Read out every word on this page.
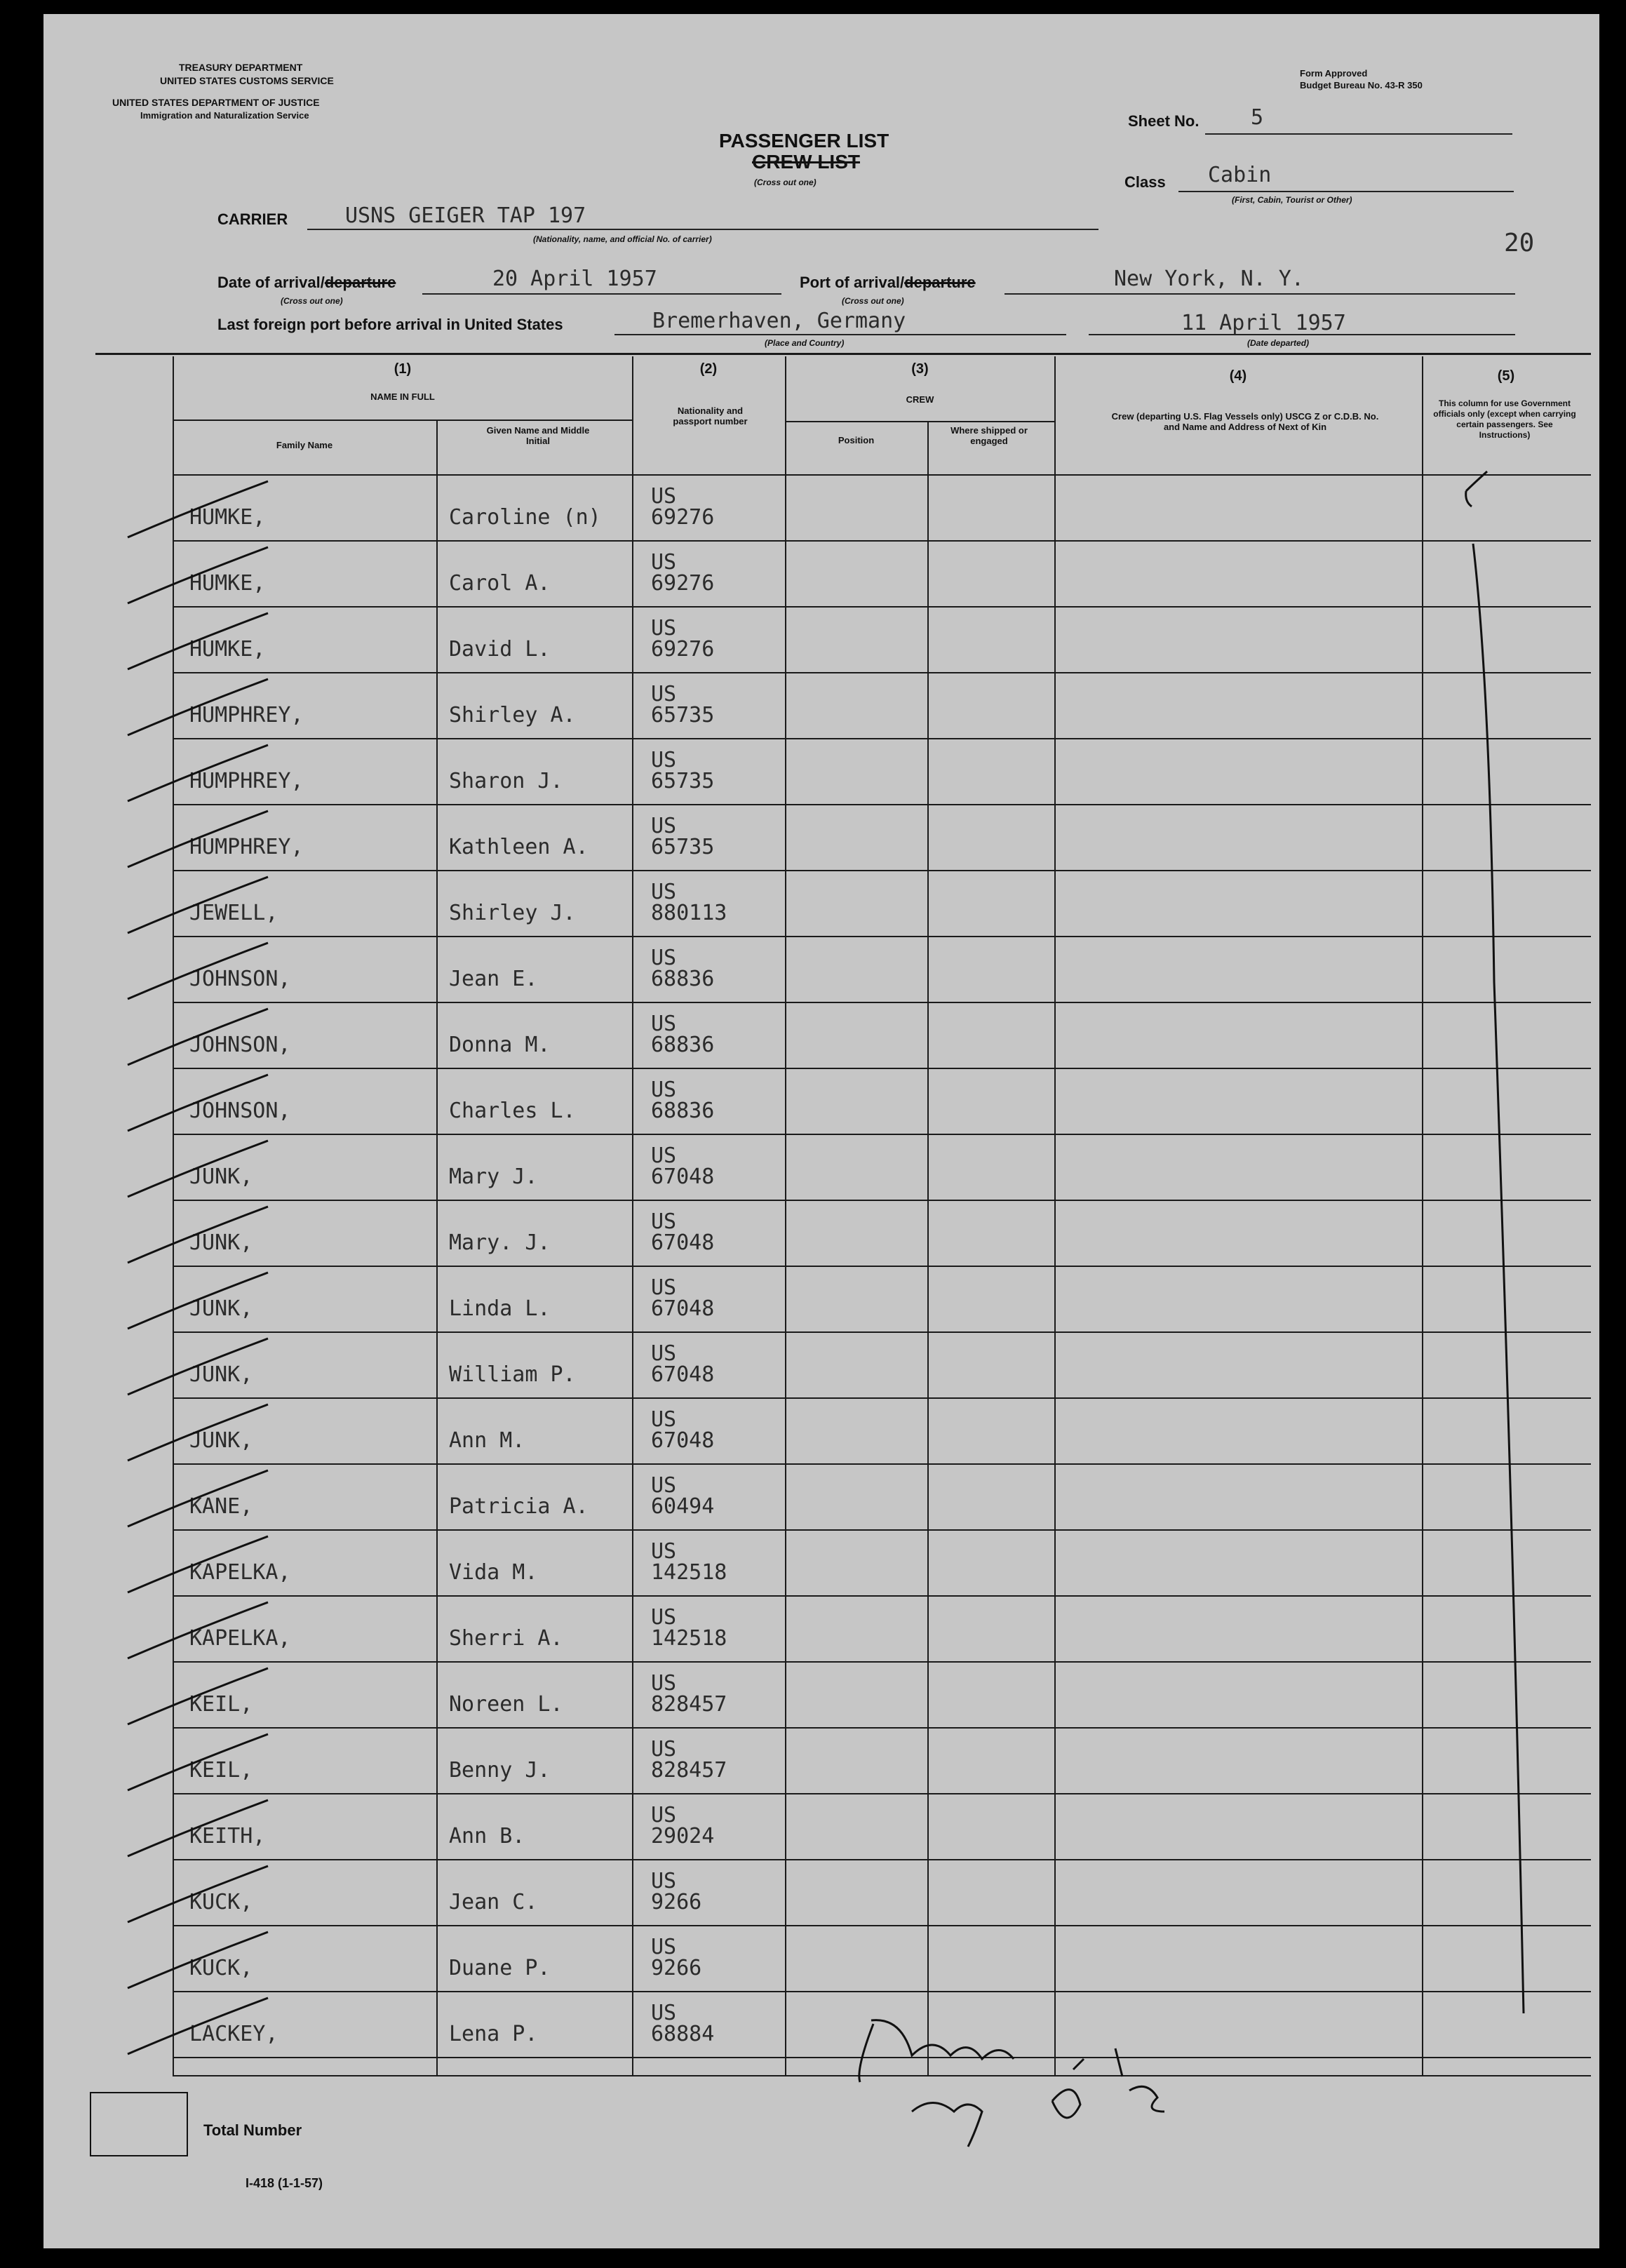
TREASURY DEPARTMENT
UNITED STATES CUSTOMS SERVICE
UNITED STATES DEPARTMENT OF JUSTICE
Immigration and Naturalization Service
Form Approved
Budget Bureau No. 43-R 350
PASSENGER LIST
CREW LIST
(Cross out one)
Sheet No. 5
Class Cabin
(First, Cabin, Tourist or Other)
CARRIER	USNS GEIGER TAP 197
(Nationality, name, and official No. of carrier)	20
Date of arrival/departure	20 April 1957
(Cross out one)
Port of arrival/departure	New York, N. Y.
(Cross out one)
Last foreign port before arrival in United States	Bremerhaven, Germany
(Place and Country)
11 April 1957
(Date departed)
(1)
NAME IN FULL
Family Name
Given Name and Middle Initial
(2)
Nationality and passport number
(3)
CREW
Position
Where shipped or engaged
(4)
Crew (departing U.S. Flag Vessels only) USCG Z or C.D.B. No. and Name and Address of Next of Kin
(5)
This column for use Government officials only (except when carrying certain passengers. See Instructions)
HUMKE,	Caroline (n)
US
69276
HUMKE,	Carol A.
US
69276
HUMKE,	David L.
US
69276
HUMPHREY,	Shirley A.
US
65735
HUMPHREY,	Sharon J.
US
65735
HUMPHREY,	Kathleen A.
US
65735
JEWELL,	Shirley J.
US
880113
JOHNSON,	Jean E.
US
68836
JOHNSON,	Donna M.
US
68836
JOHNSON,	Charles L.
US
68836
JUNK,	Mary J.
US
67048
JUNK,	Mary. J.
US
67048
JUNK,	Linda L.
US
67048
JUNK,	William P.
US
67048
JUNK,	Ann M.
US
67048
KANE,	Patricia A.
US
60494
KAPELKA,	Vida M.
US
142518
KAPELKA,	Sherri A.
US
142518
KEIL,	Noreen L.
US
828457
KEIL,	Benny J.
US
828457
KEITH,	Ann B.
US
29024
KUCK,	Jean C.
US
9266
KUCK,	Duane P.
US
9266
LACKEY,	Lena P.
US
68884
Total Number
I-418 (1-1-57)
